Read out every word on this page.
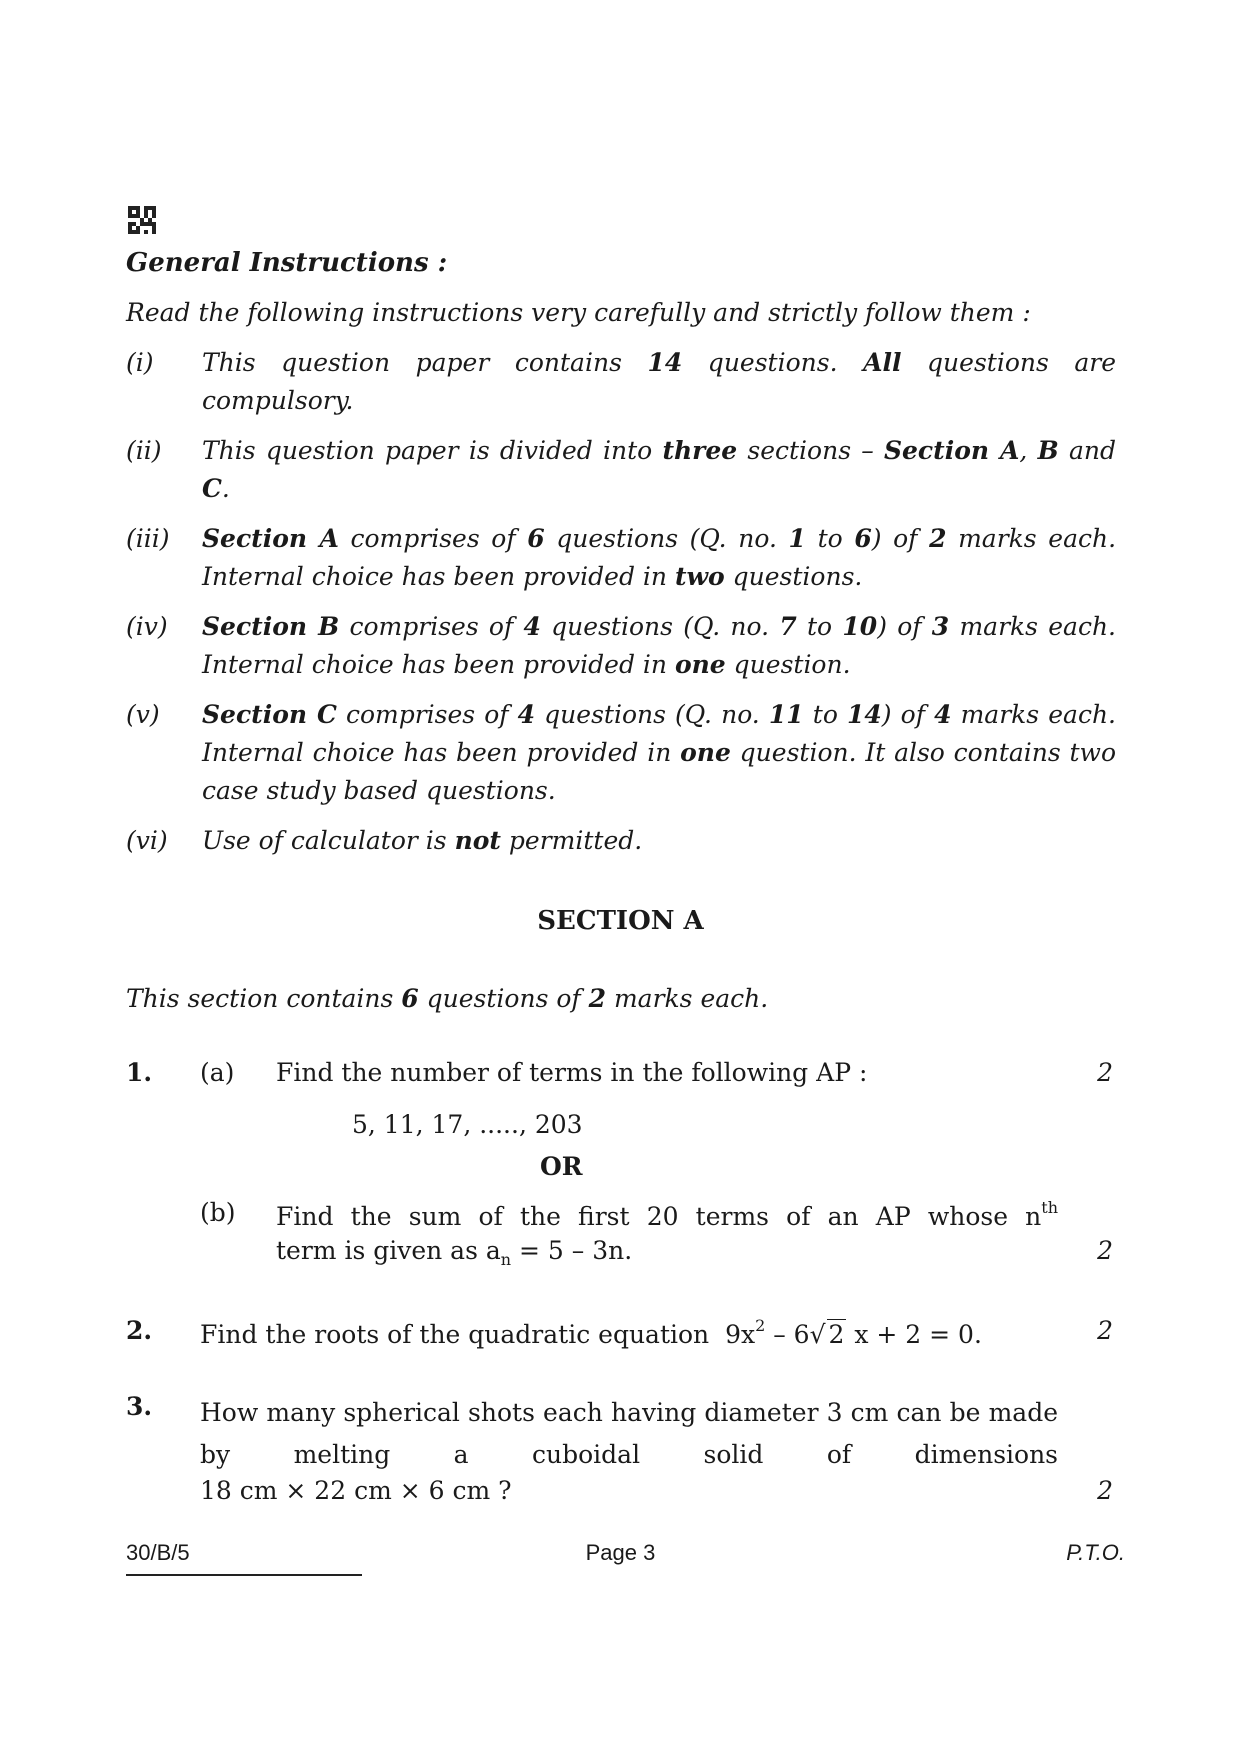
General Instructions :
Read the following instructions very carefully and strictly follow them :
(i) This question paper contains 14 questions. All questions are compulsory.
(ii) This question paper is divided into three sections – Section A, B and C.
(iii) Section A comprises of 6 questions (Q. no. 1 to 6) of 2 marks each. Internal choice has been provided in two questions.
(iv) Section B comprises of 4 questions (Q. no. 7 to 10) of 3 marks each. Internal choice has been provided in one question.
(v) Section C comprises of 4 questions (Q. no. 11 to 14) of 4 marks each. Internal choice has been provided in one question. It also contains two case study based questions.
(vi) Use of calculator is not permitted.
SECTION A
This section contains 6 questions of 2 marks each.
1. (a) Find the number of terms in the following AP :	2
5, 11, 17, ....., 203
OR
(b) Find the sum of the first 20 terms of an AP whose $n^{th}$
term is given as $a_n = 5 - 3n$.	2
2. Find the roots of the quadratic equation $9x^2 - 6√$ 2 x + 2 = 0.	2
3. How many spherical shots each having diameter 3 cm can be made by melting a cuboidal solid of dimensions
18 cm × 22 cm × 6 cm ?	2
30/B/5	Page 3	P.T.O.
